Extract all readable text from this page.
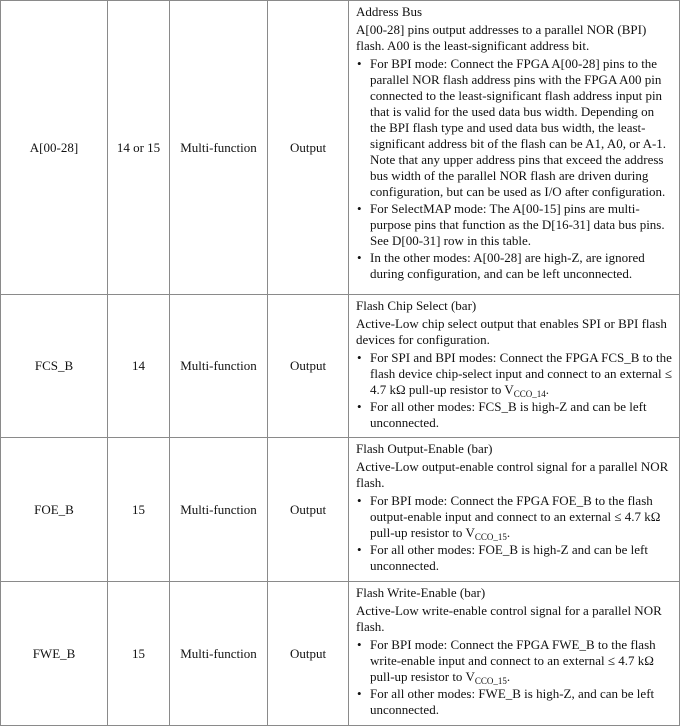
A[00-28]	14 or 15	Multi-function	Output	
Address Bus
A[00-28] pins output addresses to a parallel NOR (BPI) flash. A00 is the least-significant address bit.
• For BPI mode: Connect the FPGA A[00-28] pins to the parallel NOR flash address pins with the FPGA A00 pin connected to the least-significant flash address input pin that is valid for the used data bus width. Depending on the BPI flash type and used data bus width, the least-significant address bit of the flash can be A1, A0, or A-1. Note that any upper address pins that exceed the address bus width of the parallel NOR flash are driven during configuration, but can be used as I/O after configuration.
• For SelectMAP mode: The A[00-15] pins are multi-purpose pins that function as the D[16-31] data bus pins. See D[00-31] row in this table.
• In the other modes: A[00-28] are high-Z, are ignored during configuration, and can be left unconnected.

FCS_B	14	Multi-function	Output	
Flash Chip Select (bar)
Active-Low chip select output that enables SPI or BPI flash devices for configuration.
• For SPI and BPI modes: Connect the FPGA FCS_B to the flash device chip-select input and connect to an external ≤ 4.7 kΩ pull-up resistor to $V_{CCO\_14}$.
• For all other modes: FCS_B is high-Z and can be left unconnected.

FOE_B	15	Multi-function	Output	
Flash Output-Enable (bar)
Active-Low output-enable control signal for a parallel NOR flash.
• For BPI mode: Connect the FPGA FOE_B to the flash output-enable input and connect to an external ≤ 4.7 kΩ pull-up resistor to $V_{CCO\_15}$.
• For all other modes: FOE_B is high-Z and can be left unconnected.

FWE_B	15	Multi-function	Output	
Flash Write-Enable (bar)
Active-Low write-enable control signal for a parallel NOR flash.
• For BPI mode: Connect the FPGA FWE_B to the flash write-enable input and connect to an external ≤ 4.7 kΩ pull-up resistor to $V_{CCO\_15}$.
• For all other modes: FWE_B is high-Z, and can be left unconnected.
